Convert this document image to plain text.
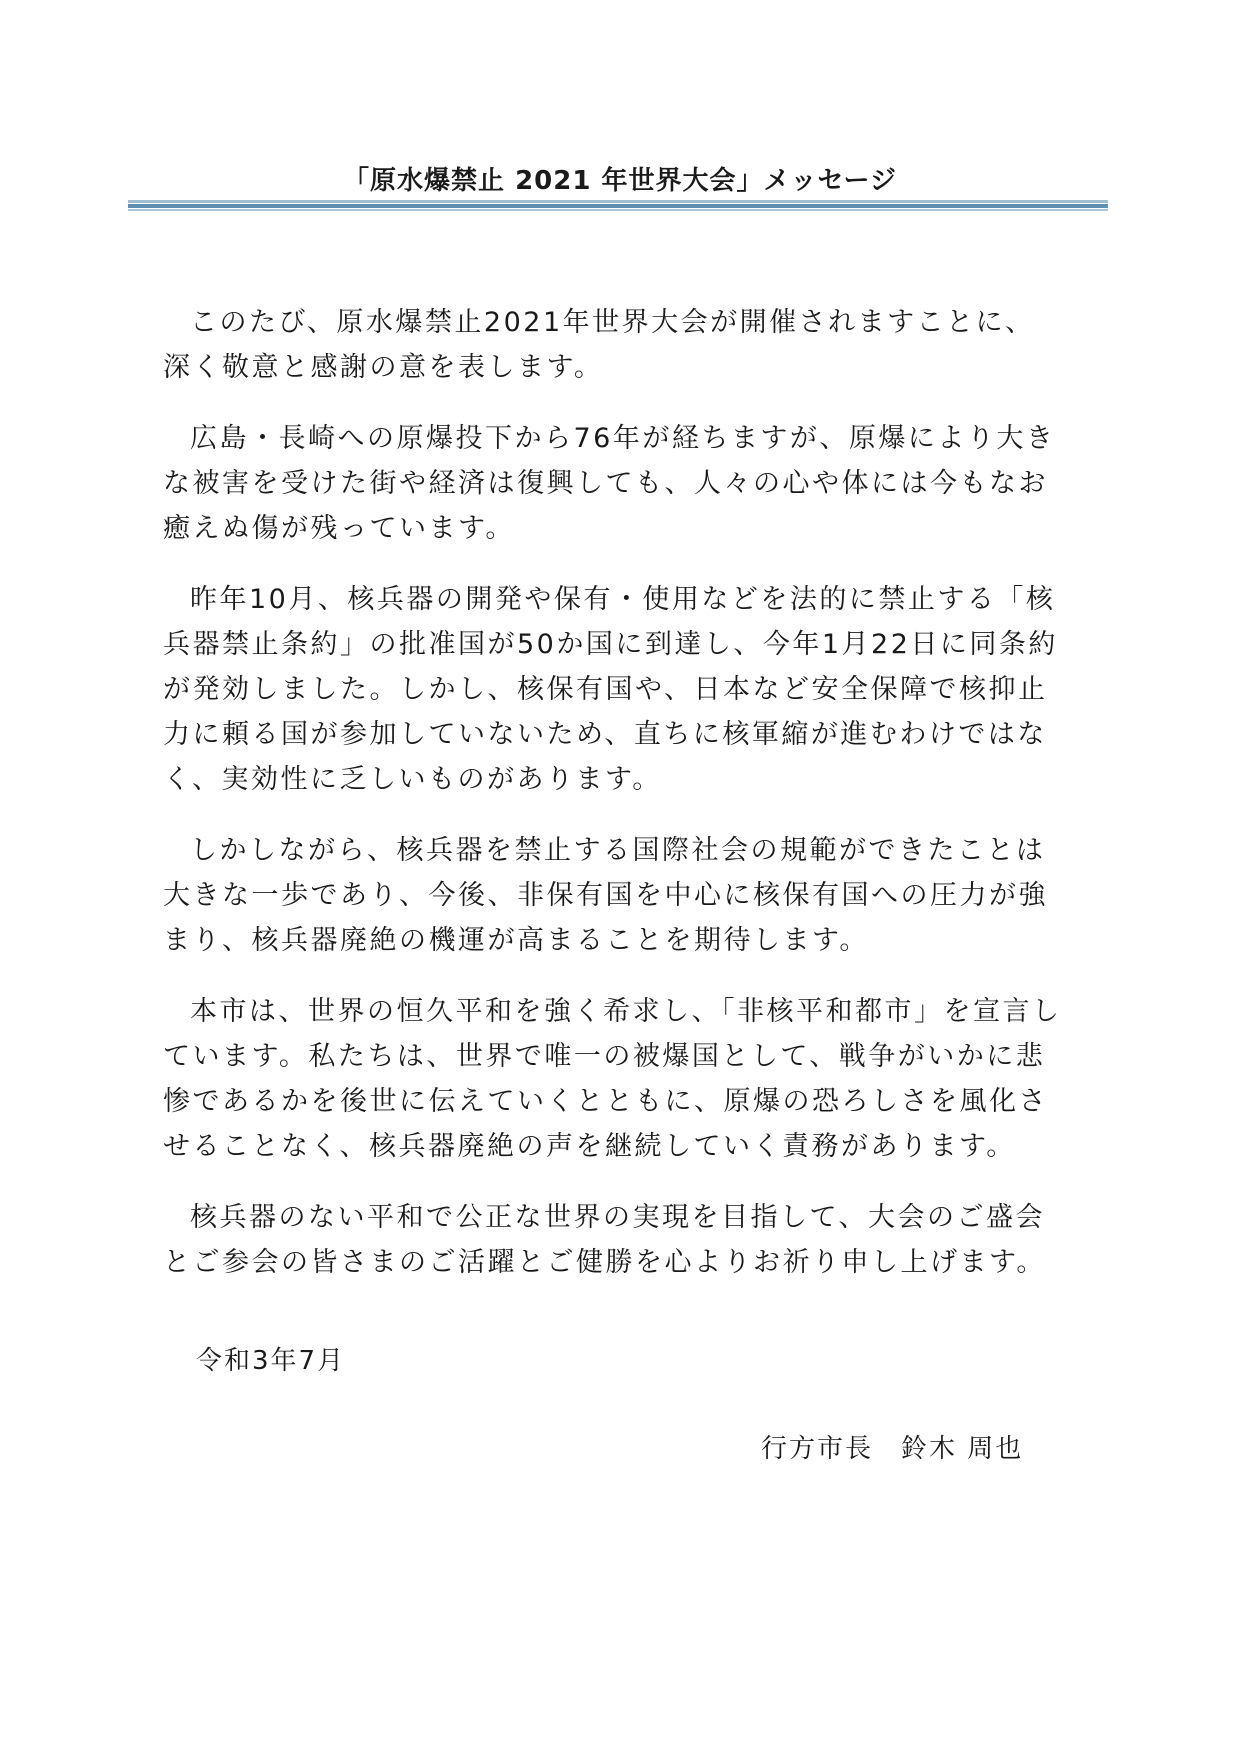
「原水爆禁止 2021 年世界大会」メッセージ

このたび、原水爆禁止2021年世界大会が開催されますことに、深く敬意と感謝の意を表します。

広島・長崎への原爆投下から76年が経ちますが、原爆により大きな被害を受けた街や経済は復興しても、人々の心や体には今もなお癒えぬ傷が残っています。

昨年10月、核兵器の開発や保有・使用などを法的に禁止する「核兵器禁止条約」の批准国が50か国に到達し、今年1月22日に同条約が発効しました。しかし、核保有国や、日本など安全保障で核抑止力に頼る国が参加していないため、直ちに核軍縮が進むわけではなく、実効性に乏しいものがあります。

しかしながら、核兵器を禁止する国際社会の規範ができたことは大きな一歩であり、今後、非保有国を中心に核保有国への圧力が強まり、核兵器廃絶の機運が高まることを期待します。

本市は、世界の恒久平和を強く希求し、「非核平和都市」を宣言しています。私たちは、世界で唯一の被爆国として、戦争がいかに悲惨であるかを後世に伝えていくとともに、原爆の恐ろしさを風化させることなく、核兵器廃絶の声を継続していく責務があります。

核兵器のない平和で公正な世界の実現を目指して、大会のご盛会とご参会の皆さまのご活躍とご健勝を心よりお祈り申し上げます。

令和3年7月
行方市長　鈴木 周也
